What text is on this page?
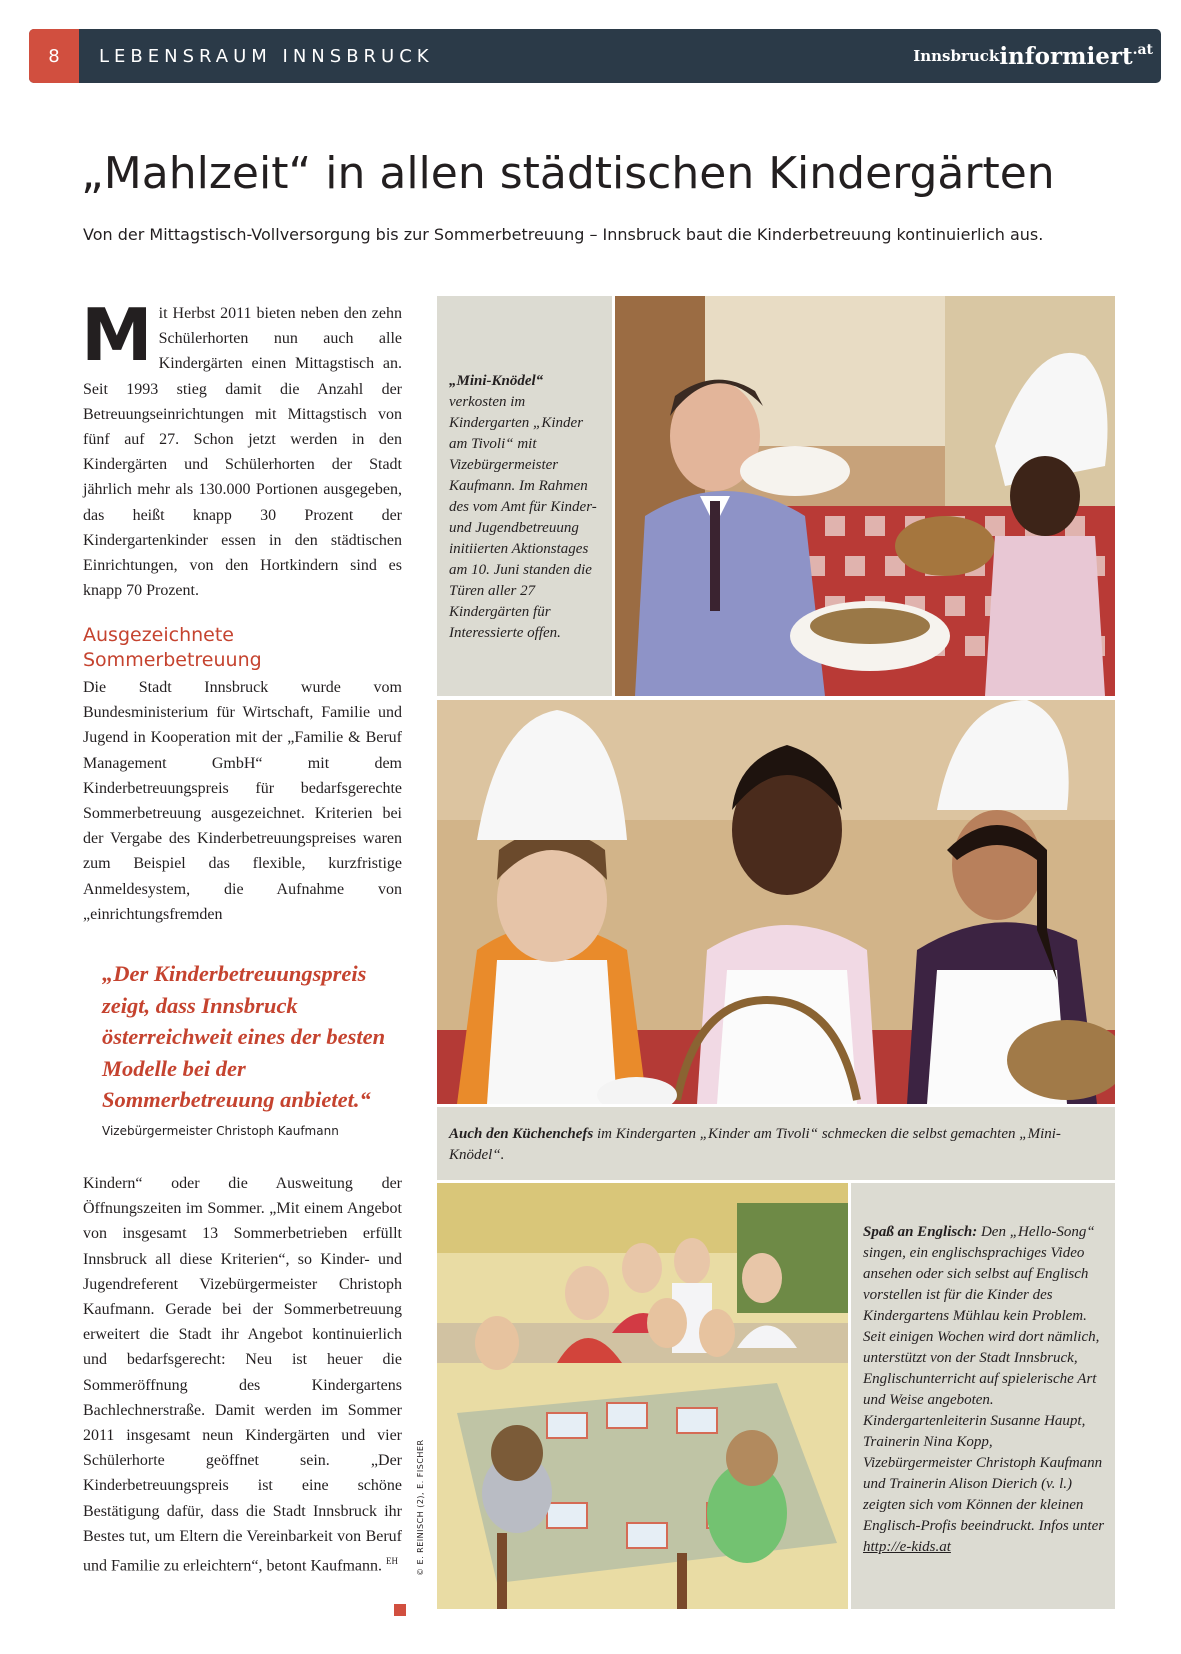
8	LEBENSRAUM INNSBRUCK	Innsbruck informiert .at
„Mahlzeit“ in allen städtischen Kindergärten
Von der Mittagstisch-Vollversorgung bis zur Sommerbetreuung – Innsbruck baut die Kinderbetreuung kontinuierlich aus.
Mit Herbst 2011 bieten neben den zehn Schülerhorten nun auch alle Kindergärten einen Mittagstisch an. Seit 1993 stieg damit die Anzahl der Betreuungseinrichtungen mit Mittagstisch von fünf auf 27. Schon jetzt werden in den Kindergärten und Schülerhorten der Stadt jährlich mehr als 130.000 Portionen ausgegeben, das heißt knapp 30 Prozent der Kindergartenkinder essen in den städtischen Einrichtungen, von den Hortkindern sind es knapp 70 Prozent.
Ausgezeichnete Sommerbetreuung
Die Stadt Innsbruck wurde vom Bundesministerium für Wirtschaft, Familie und Jugend in Kooperation mit der „Familie & Beruf Management GmbH“ mit dem Kinderbetreuungspreis für bedarfsgerechte Sommerbetreuung ausgezeichnet. Kriterien bei der Vergabe des Kinderbetreuungspreises waren zum Beispiel das flexible, kurzfristige Anmeldesystem, die Aufnahme von „einrichtungsfremden
„Der Kinderbetreuungspreis zeigt, dass Innsbruck österreichweit eines der besten Modelle bei der Sommerbetreuung anbietet.“
Vizebürgermeister Christoph Kaufmann
Kindern“ oder die Ausweitung der Öffnungszeiten im Sommer. „Mit einem Angebot von insgesamt 13 Sommerbetrieben erfüllt Innsbruck all diese Kriterien“, so Kinder- und Jugendreferent Vizebürgermeister Christoph Kaufmann. Gerade bei der Sommerbetreuung erweitert die Stadt ihr Angebot kontinuierlich und bedarfsgerecht: Neu ist heuer die Sommeröffnung des Kindergartens Bachlechnerstraße. Damit werden im Sommer 2011 insgesamt neun Kindergärten und vier Schülerhorte geöffnet sein. „Der Kinderbetreuungspreis ist eine schöne Bestätigung dafür, dass die Stadt Innsbruck ihr Bestes tut, um Eltern die Vereinbarkeit von Beruf und Familie zu erleichtern“, betont Kaufmann. $^{EH}$
„Mini-Knödel“ verkosten im Kindergarten „Kinder am Tivoli“ mit Vizebürgermeister Kaufmann. Im Rahmen des vom Amt für Kinder- und Jugendbetreuung initiierten Aktionstages am 10. Juni standen die Türen aller 27 Kindergärten für Interessierte offen.
Auch den Küchenchefs im Kindergarten „Kinder am Tivoli“ schmecken die selbst gemachten „Mini-Knödel“.
Spaß an Englisch: Den „Hello-Song“ singen, ein englischsprachiges Video ansehen oder sich selbst auf Englisch vorstellen ist für die Kinder des Kindergartens Mühlau kein Problem. Seit einigen Wochen wird dort nämlich, unterstützt von der Stadt Innsbruck, Englischunterricht auf spielerische Art und Weise angeboten. Kindergartenleiterin Susanne Haupt, Trainerin Nina Kopp, Vizebürgermeister Christoph Kaufmann und Trainerin Alison Dierich (v. l.) zeigten sich vom Können der kleinen Englisch-Profis beeindruckt. Infos unter http://e-kids.at
© E. REINISCH (2), E. FISCHER
